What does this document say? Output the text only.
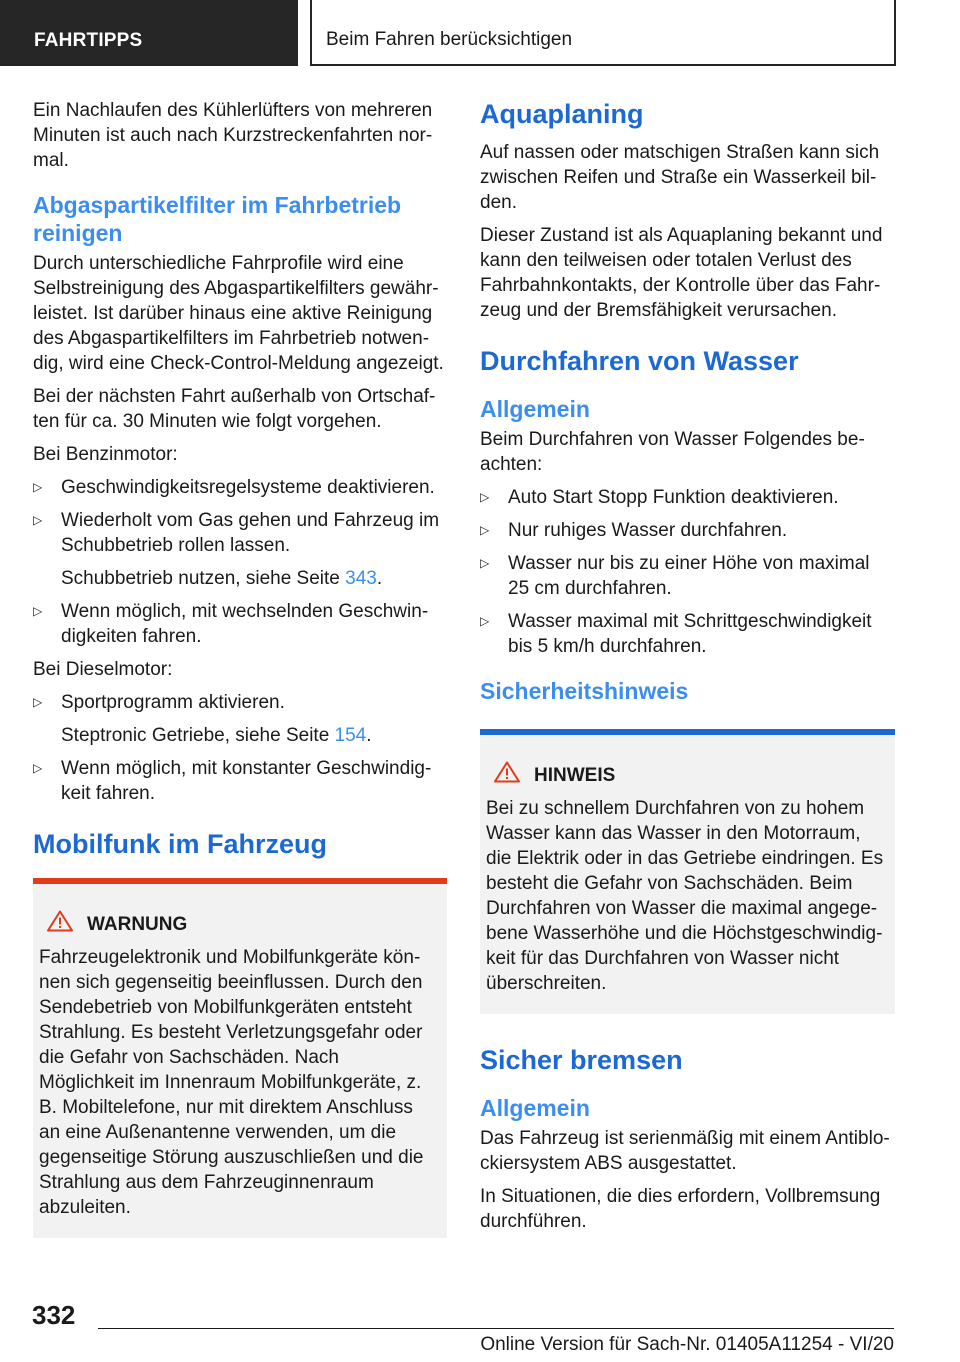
FAHRTIPPS	Beim Fahren berücksichtigen

Ein Nachlaufen des Kühlerlüfters von mehreren Minuten ist auch nach Kurzstreckenfahrten normal.

Abgaspartikelfilter im Fahrbetrieb reinigen

Durch unterschiedliche Fahrprofile wird eine Selbstreinigung des Abgaspartikelfilters gewährleistet. Ist darüber hinaus eine aktive Reinigung des Abgaspartikelfilters im Fahrbetrieb notwendig, wird eine Check-Control-Meldung angezeigt.

Bei der nächsten Fahrt außerhalb von Ortschaften für ca. 30 Minuten wie folgt vorgehen.

Bei Benzinmotor:

▷ Geschwindigkeitsregelsysteme deaktivieren.
▷ Wiederholt vom Gas gehen und Fahrzeug im Schubbetrieb rollen lassen.
Schubbetrieb nutzen, siehe Seite 343.
▷ Wenn möglich, mit wechselnden Geschwindigkeiten fahren.

Bei Dieselmotor:

▷ Sportprogramm aktivieren.
Steptronic Getriebe, siehe Seite 154.
▷ Wenn möglich, mit konstanter Geschwindigkeit fahren.
Mobilfunk im Fahrzeug
WARNUNG

Fahrzeugelektronik und Mobilfunkgeräte können sich gegenseitig beeinflussen. Durch den Sendebetrieb von Mobilfunkgeräten entsteht Strahlung. Es besteht Verletzungsgefahr oder die Gefahr von Sachschäden. Nach Möglichkeit im Innenraum Mobilfunkgeräte, z. B. Mobiltelefone, nur mit direktem Anschluss an eine Außenantenne verwenden, um die gegenseitige Störung auszuschließen und die Strahlung aus dem Fahrzeuginnenraum abzuleiten.

Aquaplaning

Auf nassen oder matschigen Straßen kann sich zwischen Reifen und Straße ein Wasserkeil bilden.

Dieser Zustand ist als Aquaplaning bekannt und kann den teilweisen oder totalen Verlust des Fahrbahnkontakts, der Kontrolle über das Fahrzeug und der Bremsfähigkeit verursachen.

Durchfahren von Wasser
Allgemein

Beim Durchfahren von Wasser Folgendes beachten:

▷ Auto Start Stopp Funktion deaktivieren.
▷ Nur ruhiges Wasser durchfahren.
▷ Wasser nur bis zu einer Höhe von maximal 25 cm durchfahren.
▷ Wasser maximal mit Schrittgeschwindigkeit bis 5 km/h durchfahren.
Sicherheitshinweis
HINWEIS

Bei zu schnellem Durchfahren von zu hohem Wasser kann das Wasser in den Motorraum, die Elektrik oder in das Getriebe eindringen. Es besteht die Gefahr von Sachschäden. Beim Durchfahren von Wasser die maximal angegebene Wasserhöhe und die Höchstgeschwindigkeit für das Durchfahren von Wasser nicht überschreiten.

Sicher bremsen
Allgemein

Das Fahrzeug ist serienmäßig mit einem Antiblockiersystem ABS ausgestattet.

In Situationen, die dies erfordern, Vollbremsung durchführen.

332
Online Version für Sach-Nr. 01405A11254 - VI/20
